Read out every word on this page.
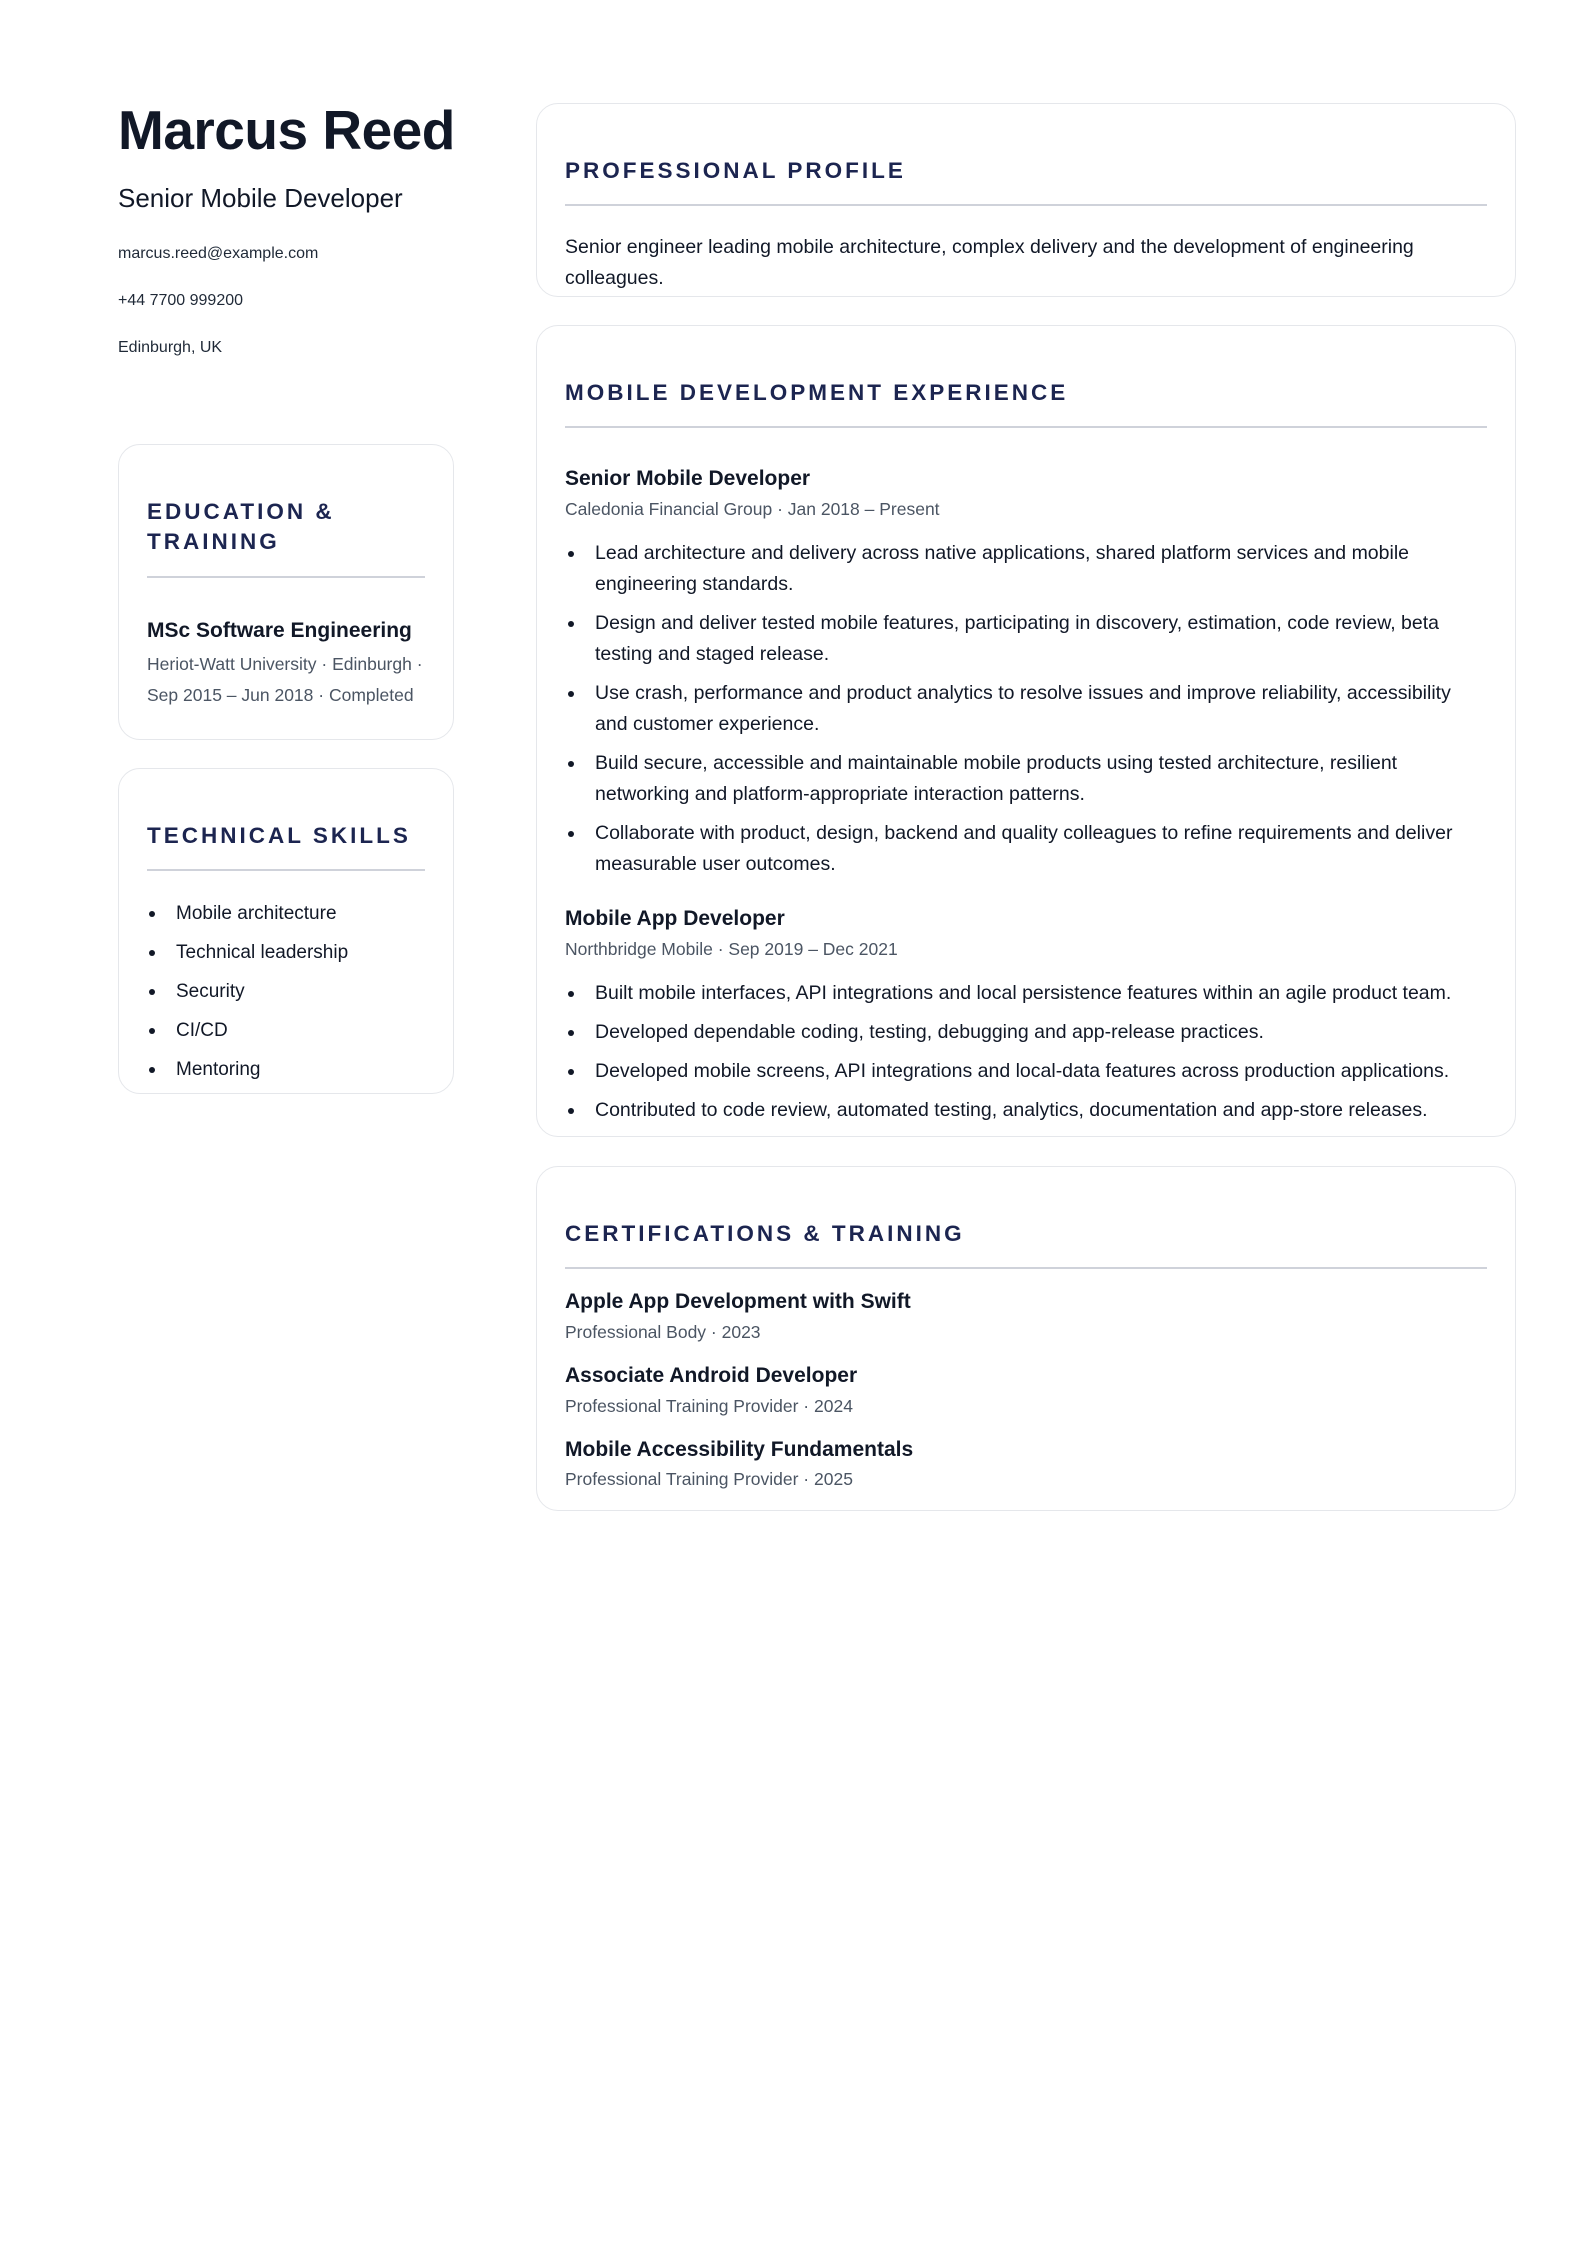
Marcus Reed
Senior Mobile Developer
marcus.reed@example.com
+44 7700 999200
Edinburgh, UK
EDUCATION & TRAINING
MSc Software Engineering
Heriot-Watt University · Edinburgh · Sep 2015 – Jun 2018 · Completed
TECHNICAL SKILLS
Mobile architecture
Technical leadership
Security
CI/CD
Mentoring
PROFESSIONAL PROFILE
Senior engineer leading mobile architecture, complex delivery and the development of engineering colleagues.
MOBILE DEVELOPMENT EXPERIENCE
Senior Mobile Developer
Caledonia Financial Group · Jan 2018 – Present
Lead architecture and delivery across native applications, shared platform services and mobile engineering standards.
Design and deliver tested mobile features, participating in discovery, estimation, code review, beta testing and staged release.
Use crash, performance and product analytics to resolve issues and improve reliability, accessibility and customer experience.
Build secure, accessible and maintainable mobile products using tested architecture, resilient networking and platform-appropriate interaction patterns.
Collaborate with product, design, backend and quality colleagues to refine requirements and deliver measurable user outcomes.
Mobile App Developer
Northbridge Mobile · Sep 2019 – Dec 2021
Built mobile interfaces, API integrations and local persistence features within an agile product team.
Developed dependable coding, testing, debugging and app-release practices.
Developed mobile screens, API integrations and local-data features across production applications.
Contributed to code review, automated testing, analytics, documentation and app-store releases.
CERTIFICATIONS & TRAINING
Apple App Development with Swift
Professional Body · 2023
Associate Android Developer
Professional Training Provider · 2024
Mobile Accessibility Fundamentals
Professional Training Provider · 2025
